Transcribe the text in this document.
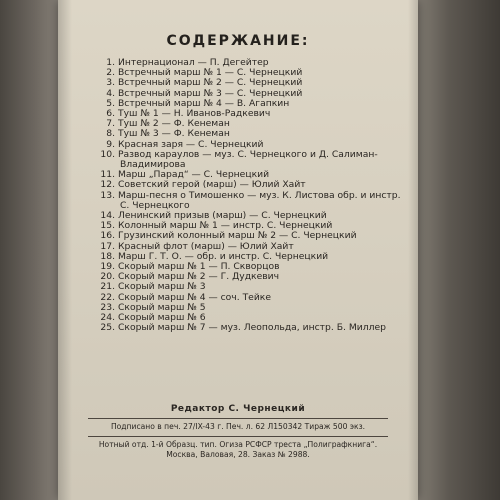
СОДЕРЖАНИЕ:
1. Интернационал — П. Дегейтер
2. Встречный марш № 1 — С. Чернецкий
3. Встречный марш № 2 — С. Чернецкий
4. Встречный марш № 3 — С. Чернецкий
5. Встречный марш № 4 — В. Агапкин
6. Туш № 1 — Н. Иванов-Радкевич
7. Туш № 2 — Ф. Кенеман
8. Туш № 3 — Ф. Кенеман
9. Красная заря — С. Чернецкий
10. Развод караулов — муз. С. Чернецкого и Д. Салиман-
Владимирова
11. Марш „Парад“ — С. Чернецкий
12. Советский герой (марш) — Юлий Хайт
13. Марш-песня о Тимошенко — муз. К. Листова обр. и инстр.
С. Чернецкого
14. Ленинский призыв (марш) — С. Чернецкий
15. Колонный марш № 1 — инстр. С. Чернецкий
16. Грузинский колонный марш № 2 — С. Чернецкий
17. Красный флот (марш) — Юлий Хайт
18. Марш Г. Т. О. — обр. и инстр. С. Чернецкий
19. Скорый марш № 1 — П. Скворцов
20. Скорый марш № 2 — Г. Дудкевич
21. Скорый марш № 3
22. Скорый марш № 4 — соч. Тейке
23. Скорый марш № 5
24. Скорый марш № 6
25. Скорый марш № 7 — муз. Леопольда, инстр. Б. Миллер
Редактор С. Чернецкий
Подписано в печ. 27/IX-43 г. Печ. л. 62 Л150342 Тираж 500 экз.
Нотный отд. 1-й Образц. тип. Огиза РСФСР треста „Полиграфкнига“.
Москва, Валовая, 28. Заказ № 2988.
